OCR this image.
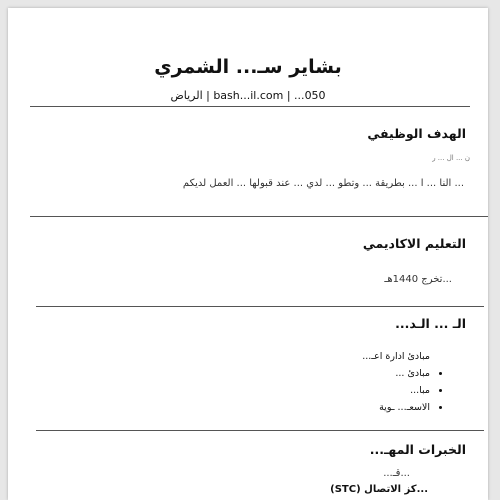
بشاير سـ... الشمري
050... | bash...il.com | الرياض
الهدف الوظيفي
ن ... ال ... ر
... النا ... ا ... بطريقة ... وتطو ... لدي ... عند قبولها ... العمل لديكم
التعليم الاكاديمي
...تخرج 1440هـ
الـ ... الـد...
مبادئ ادارة اعـ...
• مبادئ ...
• مبا...
• الاسعـ... ـوية
الخبرات المهـ...
...قـ...
...كز الاتصال (STC)
